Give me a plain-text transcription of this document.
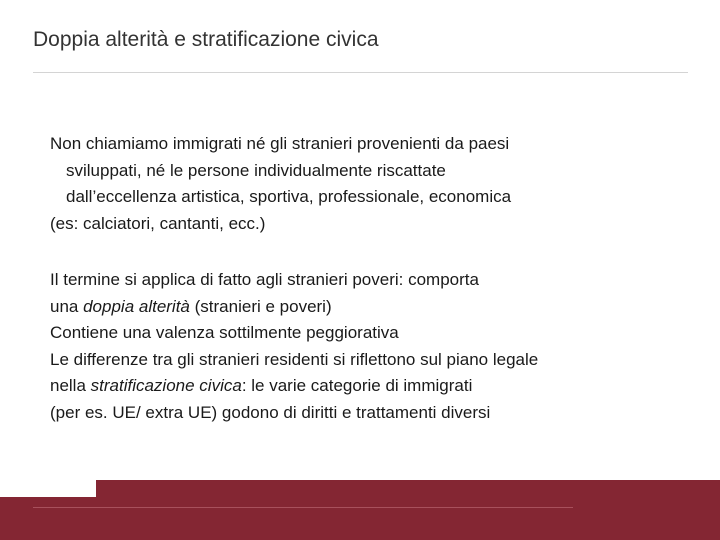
Doppia alterità e stratificazione civica
Non chiamiamo immigrati né gli stranieri provenienti da paesi
sviluppati, né le persone individualmente riscattate
dall’eccellenza artistica, sportiva, professionale, economica
(es: calciatori, cantanti, ecc.)
Il termine si applica di fatto agli stranieri poveri: comporta
una doppia alterità (stranieri e poveri)
Contiene una valenza sottilmente peggiorativa
Le differenze tra gli stranieri residenti si riflettono sul piano legale
nella stratificazione civica: le varie categorie di immigrati
(per es. UE/ extra UE) godono di diritti e trattamenti diversi
